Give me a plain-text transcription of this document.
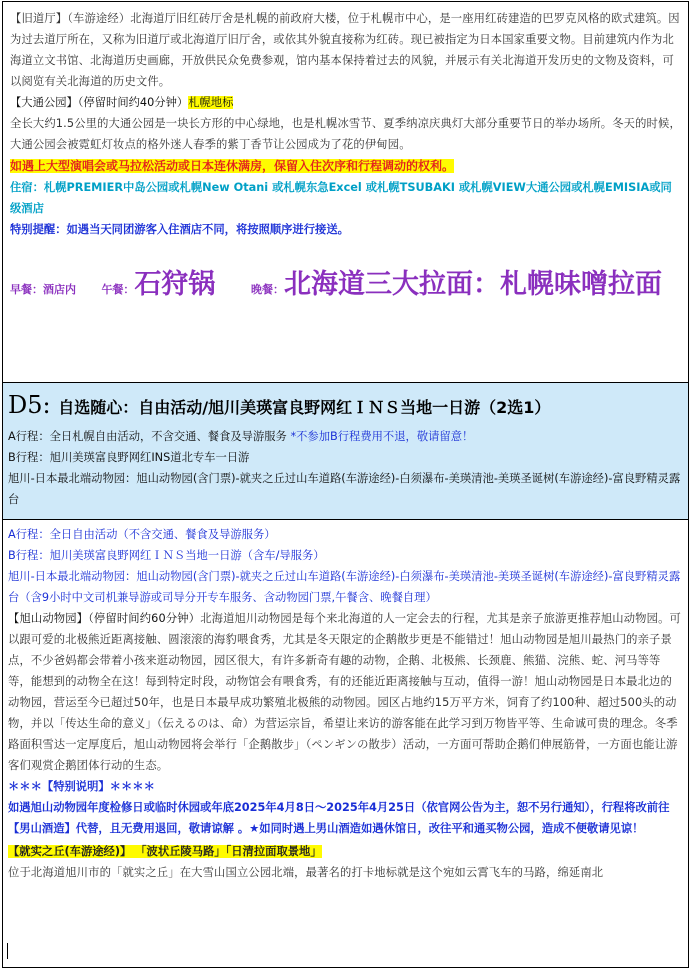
【旧道厅】（车游途经）北海道厅旧红砖厅舍是札幌的前政府大楼，位于札幌市中心，是一座用红砖建造的巴罗克风格的欧式建筑。因为过去道厅所在，又称为旧道厅或北海道厅旧厅舍，或依其外貌直接称为红砖。现已被指定为日本国家重要文物。目前建筑内作为北海道立文书馆、北海道历史画廊，开放供民众免费参观，馆内基本保持着过去的风貌，并展示有关北海道开发历史的文物及资料，可以阅览有关北海道的历史文件。

【大通公园】（停留时间约40分钟）札幌地标

全长大约1.5公里的大通公园是一块长方形的中心绿地，也是札幌冰雪节、夏季纳凉庆典灯大部分重要节日的举办场所。冬天的时候，大通公园会被霓虹灯妆点的格外迷人春季的紫丁香节让公园成为了花的伊甸园。

如遇上大型演唱会或马拉松活动或日本连休满房，保留入住次序和行程调动的权利。

住宿：札幌PREMIER中岛公园或札幌New Otani 或札幌东急Excel 或札幌TSUBAKI 或札幌VIEW大通公园或札幌EMISIA或同级酒店

特别提醒：如遇当天同团游客入住酒店不同，将按照顺序进行接送。

早餐：酒店内 午餐：石狩锅	晚餐：北海道三大拉面：札幌味噌拉面
D5: 自选随心：自由活动/旭川美瑛富良野网红ＩＮＳ当地一日游（2选1）

A行程：全日札幌自由活动，不含交通、餐食及导游服务 *不参加B行程费用不退，敬请留意！

B行程：旭川美瑛富良野网红INS道北专车一日游

旭川-日本最北端动物园：旭山动物园(含门票)-就夹之丘过山车道路(车游途经)-白须瀑布-美瑛清池-美瑛圣诞树(车游途经)-富良野精灵露台

A行程：全日自由活动（不含交通、餐食及导游服务）

B行程：旭川美瑛富良野网红ＩＮＳ当地一日游（含车/导服务）

旭川-日本最北端动物园：旭山动物园(含门票)-就夹之丘过山车道路(车游途经)-白须瀑布-美瑛清池-美瑛圣诞树(车游途经)-富良野精灵露台（含9小时中文司机兼导游或司导分开专车服务、含动物园门票,午餐含、晚餐自理）

【旭山动物园】（停留时间约60分钟）北海道旭川动物园是每个来北海道的人一定会去的行程，尤其是亲子旅游更推荐旭山动物园。可以跟可爱的北极熊近距离接触、圆滚滚的海豹喂食秀，尤其是冬天限定的企鹅散步更是不能错过！旭山动物园是旭川最热门的亲子景点，不少爸妈都会带着小孩来逛动物园，园区很大，有许多新奇有趣的动物，企鹅、北极熊、长颈鹿、熊猫、浣熊、蛇、河马等等等，能想到的动物全在这！每到特定时段，动物馆会有喂食秀，有的还能近距离接触与互动，值得一游！旭山动物园是日本最北边的动物园，营运至今已超过50年，也是日本最早成功繁殖北极熊的动物园。园区占地约15万平方米，饲育了约100种、超过500头的动物，并以「传达生命的意义」（伝えるのは、命）为营运宗旨，希望让来访的游客能在此学习到万物皆平等、生命诚可贵的理念。冬季路面积雪达一定厚度后，旭山动物园将会举行「企鹅散步」（ペンギンの散步）活动，一方面可帮助企鹅们伸展筋骨，一方面也能让游客们观赏企鹅团体行动的生态。

＊＊＊【特别说明】＊＊＊＊

如遇旭山动物园年度检修日或临时休园或年底2025年4月8日～2025年4月25日（依官网公告为主，恕不另行通知），行程将改前往【男山酒造】代替，且无费用退回，敬请谅解 。★如同时遇上男山酒造如遇休馆日，改往平和通买物公园，造成不便敬请见谅！

【就实之丘(车游途经)】 「波状丘陵马路」「日清拉面取景地」

位于北海道旭川市的「就实之丘」在大雪山国立公园北端，最著名的打卡地标就是这个宛如云霄飞车的马路，绵延南北
